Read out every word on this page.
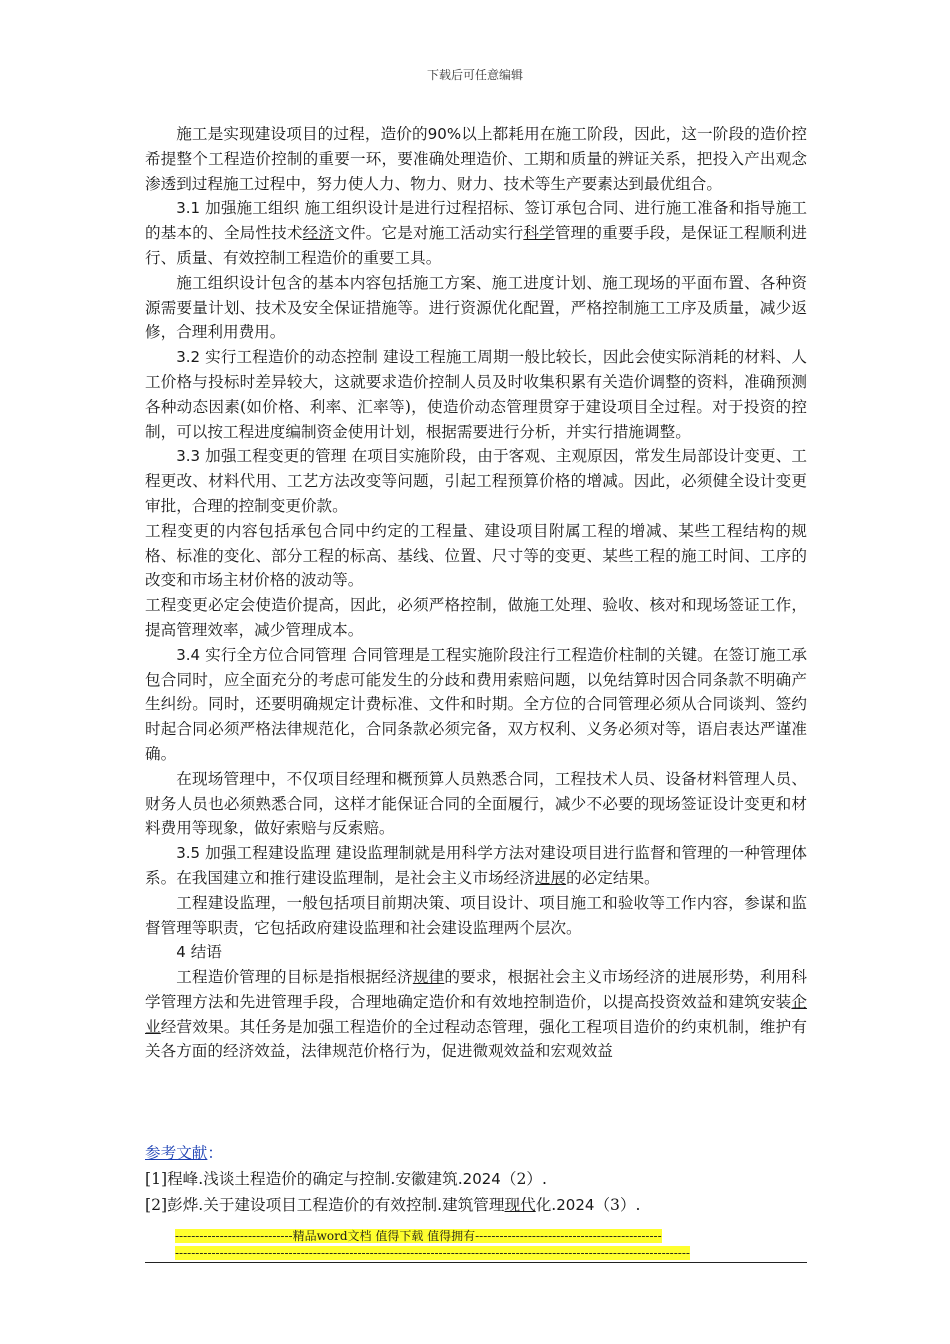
下载后可任意编辑

施工是实现建设项目的过程，造价的90%以上都耗用在施工阶段，因此，这一阶段的造价控希提整个工程造价控制的重要一环，要准确处理造价、工期和质量的辨证关系，把投入产出观念渗透到过程施工过程中，努力使人力、物力、财力、技术等生产要素达到最优组合。

3.1 加强施工组织 施工组织设计是进行过程招标、签订承包合同、进行施工准备和指导施工的基本的、全局性技术经济文件。它是对施工活动实行科学管理的重要手段，是保证工程顺利进行、质量、有效控制工程造价的重要工具。

施工组织设计包含的基本内容包括施工方案、施工进度计划、施工现场的平面布置、各种资源需要量计划、技术及安全保证措施等。进行资源优化配置，严格控制施工工序及质量，减少返修，合理利用费用。

3.2 实行工程造价的动态控制 建设工程施工周期一般比较长，因此会使实际消耗的材料、人工价格与投标时差异较大，这就要求造价控制人员及时收集积累有关造价调整的资料，准确预测各种动态因素(如价格、利率、汇率等)，使造价动态管理贯穿于建设项目全过程。对于投资的控制，可以按工程进度编制资金使用计划，根据需要进行分析，并实行措施调整。

3.3 加强工程变更的管理 在项目实施阶段，由于客观、主观原因，常发生局部设计变更、工程更改、材料代用、工艺方法改变等问题，引起工程预算价格的增减。因此，必须健全设计变更审批，合理的控制变更价款。

工程变更的内容包括承包合同中约定的工程量、建设项目附属工程的增减、某些工程结构的规格、标准的变化、部分工程的标高、基线、位置、尺寸等的变更、某些工程的施工时间、工序的改变和市场主材价格的波动等。

工程变更必定会使造价提高，因此，必须严格控制，做施工处理、验收、核对和现场签证工作，提高管理效率，减少管理成本。

3.4 实行全方位合同管理 合同管理是工程实施阶段注行工程造价柱制的关键。在签订施工承包合同时，应全面充分的考虑可能发生的分歧和费用索赔问题，以免结算时因合同条款不明确产生纠纷。同时，还要明确规定计费标准、文件和时期。全方位的合同管理必须从合同谈判、签约时起合同必须严格法律规范化，合同条款必须完备，双方权利、义务必须对等，语启表达严谨准确。

在现场管理中，不仅项目经理和概预算人员熟悉合同，工程技术人员、设备材料管理人员、财务人员也必须熟悉合同，这样才能保证合同的全面履行，减少不必要的现场签证设计变更和材料费用等现象，做好索赔与反索赔。

3.5 加强工程建设监理 建设监理制就是用科学方法对建设项目进行监督和管理的一种管理体系。在我国建立和推行建设监理制，是社会主义市场经济进展的必定结果。

工程建设监理，一般包括项目前期决策、项目设计、项目施工和验收等工作内容，参谋和监督管理等职责，它包括政府建设监理和社会建设监理两个层次。

4 结语

工程造价管理的目标是指根据经济规律的要求，根据社会主义市场经济的进展形势，利用科学管理方法和先进管理手段，合理地确定造价和有效地控制造价，以提高投资效益和建筑安装企业经营效果。其任务是加强工程造价的全过程动态管理，强化工程项目造价的约束机制，维护有关各方面的经济效益，法律规范价格行为，促进微观效益和宏观效益

参考文献：
[1]程峰.浅谈土程造价的确定与控制.安徽建筑.2024（2）.
[2]彭烨.关于建设项目工程造价的有效控制.建筑管理现代化.2024（3）.
-----------------------------精品word文档 值得下载 值得拥有----------------------------------------------
-------------------------------------------------------------------------------------------------------------------------------
